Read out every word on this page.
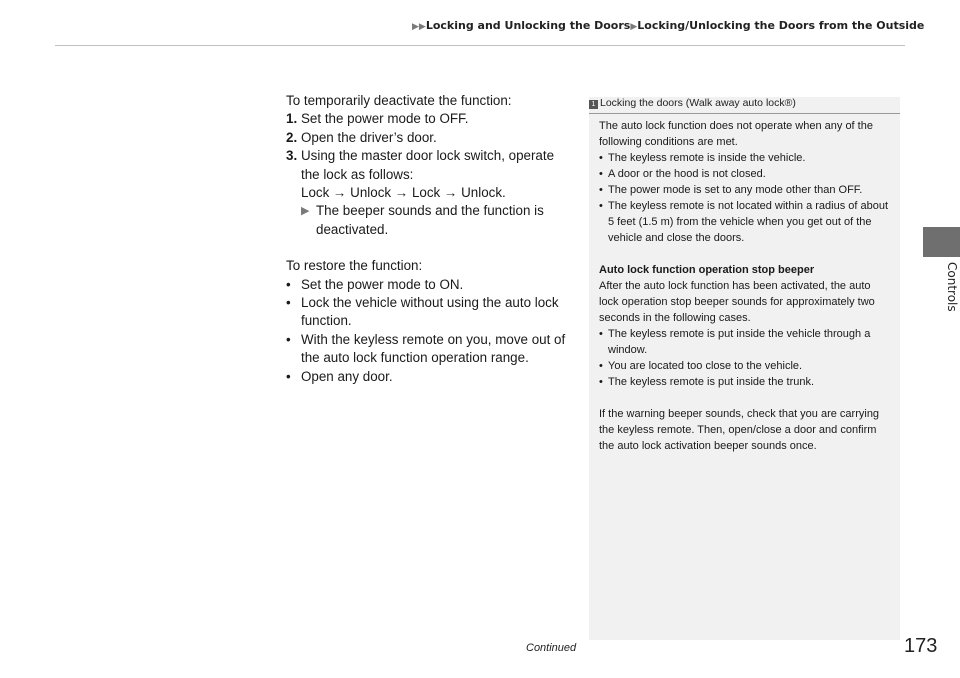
▶▶Locking and Unlocking the Doors▶Locking/Unlocking the Doors from the Outside
Controls

To temporarily deactivate the function:

1. Set the power mode to OFF.
2. Open the driver’s door.
3. Using the master door lock switch, operate the lock as follows:
Lock → Unlock → Lock → Unlock.
▶ The beeper sounds and the function is deactivated.

To restore the function:

• Set the power mode to ON.
• Lock the vehicle without using the auto lock function.
• With the keyless remote on you, move out of the auto lock function operation range.
• Open any door.
1 Locking the doors (Walk away auto lock®)

The auto lock function does not operate when any of the following conditions are met.

• The keyless remote is inside the vehicle.
• A door or the hood is not closed.
• The power mode is set to any mode other than OFF.
• The keyless remote is not located within a radius of about 5 feet (1.5 m) from the vehicle when you get out of the vehicle and close the doors.

Auto lock function operation stop beeper

After the auto lock function has been activated, the auto lock operation stop beeper sounds for approximately two seconds in the following cases.

• The keyless remote is put inside the vehicle through a window.
• You are located too close to the vehicle.
• The keyless remote is put inside the trunk.

If the warning beeper sounds, check that you are carrying the keyless remote. Then, open/close a door and confirm the auto lock activation beeper sounds once.

Continued	173
